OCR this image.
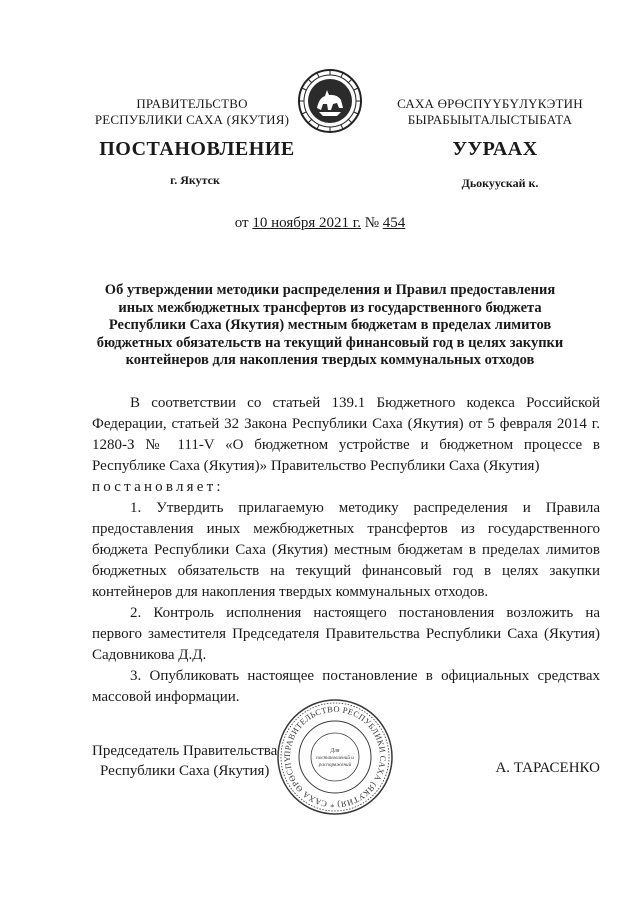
ПРАВИТЕЛЬСТВО
РЕСПУБЛИКИ САХА (ЯКУТИЯ)
САХА ӨРӨСПҮҮБҮЛҮКЭТИН
БЫРАБЫЫТАЛЫСТЫБАТА
ПОСТАНОВЛЕНИЕ	УУРААХ
г. Якутск	Дьокуускай к.
от 10 ноября 2021 г. № 454
Об утверждении методики распределения и Правил предоставления иных межбюджетных трансфертов из государственного бюджета Республики Саха (Якутия) местным бюджетам в пределах лимитов бюджетных обязательств на текущий финансовый год в целях закупки контейнеров для накопления твердых коммунальных отходов

В соответствии со статьей 139.1 Бюджетного кодекса Российской Федерации, статьей 32 Закона Республики Саха (Якутия) от 5 февраля 2014 г. 1280-З № 111-V «О бюджетном устройстве и бюджетном процессе в Республике Саха (Якутия)» Правительство Республики Саха (Якутия)

постановляет:

1. Утвердить прилагаемую методику распределения и Правила предоставления иных межбюджетных трансфертов из государственного бюджета Республики Саха (Якутия) местным бюджетам в пределах лимитов бюджетных обязательств на текущий финансовый год в целях закупки контейнеров для накопления твердых коммунальных отходов.

2. Контроль исполнения настоящего постановления возложить на первого заместителя Председателя Правительства Республики Саха (Якутия) Садовникова Д.Д.

3. Опубликовать настоящее постановление в официальных средствах массовой информации.

Председатель Правительства
Республики Саха (Якутия)
ПРАВИТЕЛЬСТВО РЕСПУБЛИКИ САХА (ЯКУТИЯ) * САХА ӨРӨСПҮ
Для
постановлений и
распоряжений	А. ТАРАСЕНКО
